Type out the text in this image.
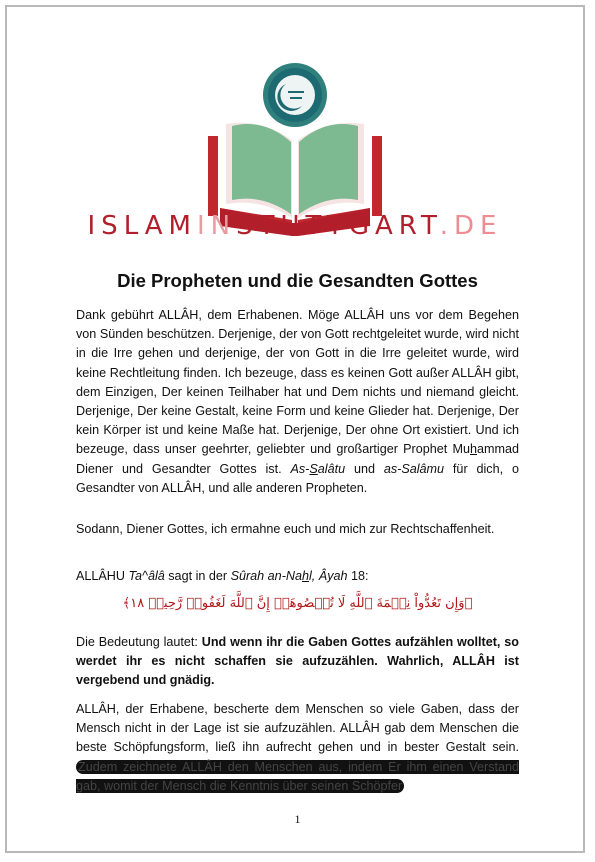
ISLAMINSTUTTGART.DE
Die Propheten und die Gesandten Gottes

Dank gebührt ALLÂH, dem Erhabenen. Möge ALLÂH uns vor dem Begehen von Sünden beschützen. Derjenige, der von Gott rechtgeleitet wurde, wird nicht in die Irre gehen und derjenige, der von Gott in die Irre geleitet wurde, wird keine Rechtleitung finden. Ich bezeuge, dass es keinen Gott außer ALLÂH gibt, dem Einzigen, Der keinen Teilhaber hat und Dem nichts und niemand gleicht. Derjenige, Der keine Gestalt, keine Form und keine Glieder hat. Derjenige, Der kein Körper ist und keine Maße hat. Derjenige, Der ohne Ort existiert. Und ich bezeuge, dass unser geehrter, geliebter und großartiger Prophet Muhammad Diener und Gesandter Gottes ist. As-Salâtu und as-Salâmu für dich, o Gesandter von ALLÂH, und alle anderen Propheten.

Sodann, Diener Gottes, ich ermahne euch und mich zur Rechtschaffenheit.

ALLÂHU Ta^âlâ sagt in der Sûrah an-Nahl, Âyah 18:

﴿وَإِن تَعُدُّواْ نِعۡمَةَ ٱللَّهِ لَا تُحۡصُوهَآۗ إِنَّ ٱللَّهَ لَغَفُورٞ رَّحِيمٞ ١٨﴾

Die Bedeutung lautet: Und wenn ihr die Gaben Gottes aufzählen wolltet, so werdet ihr es nicht schaffen sie aufzuzählen. Wahrlich, ALLÂH ist vergebend und gnädig.

ALLÂH, der Erhabene, bescherte dem Menschen so viele Gaben, dass der Mensch nicht in der Lage ist sie aufzuzählen. ALLÂH gab dem Menschen die beste Schöpfungsform, ließ ihn aufrecht gehen und in bester Gestalt sein. Zudem zeichnete ALLÂH den Menschen aus, indem Er ihm einen Verstand gab, womit der Mensch die Kenntnis über seinen Schöpfer

1
